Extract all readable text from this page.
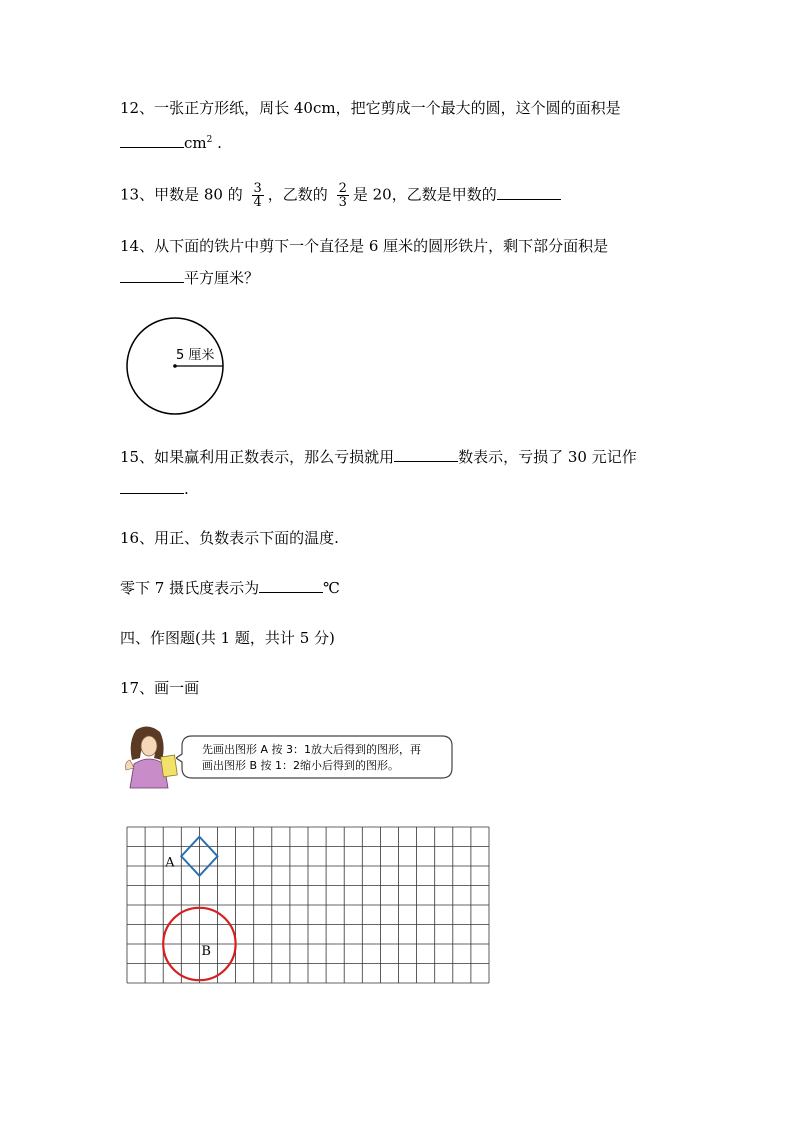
12、一张正方形纸，周长 40cm，把它剪成一个最大的圆，这个圆的面积是
$cm^2$ .
13、甲数是 80 的 $\frac{3}{4}$ ，乙数的 $\frac{2}{3}$ 是 20，乙数是甲数的
14、从下面的铁片中剪下一个直径是 6 厘米的圆形铁片，剩下部分面积是
平方厘米？
5 厘米
15、如果赢利用正数表示，那么亏损就用	数表示，亏损了 30 元记作
.
16、用正、负数表示下面的温度.
零下 7 摄氏度表示为	℃
四、作图题(共 1 题，共计 5 分)
17、画一画
先画出图形 A 按 3：1放大后得到的图形，再
画出图形 B 按 1：2缩小后得到的图形。
A
B
